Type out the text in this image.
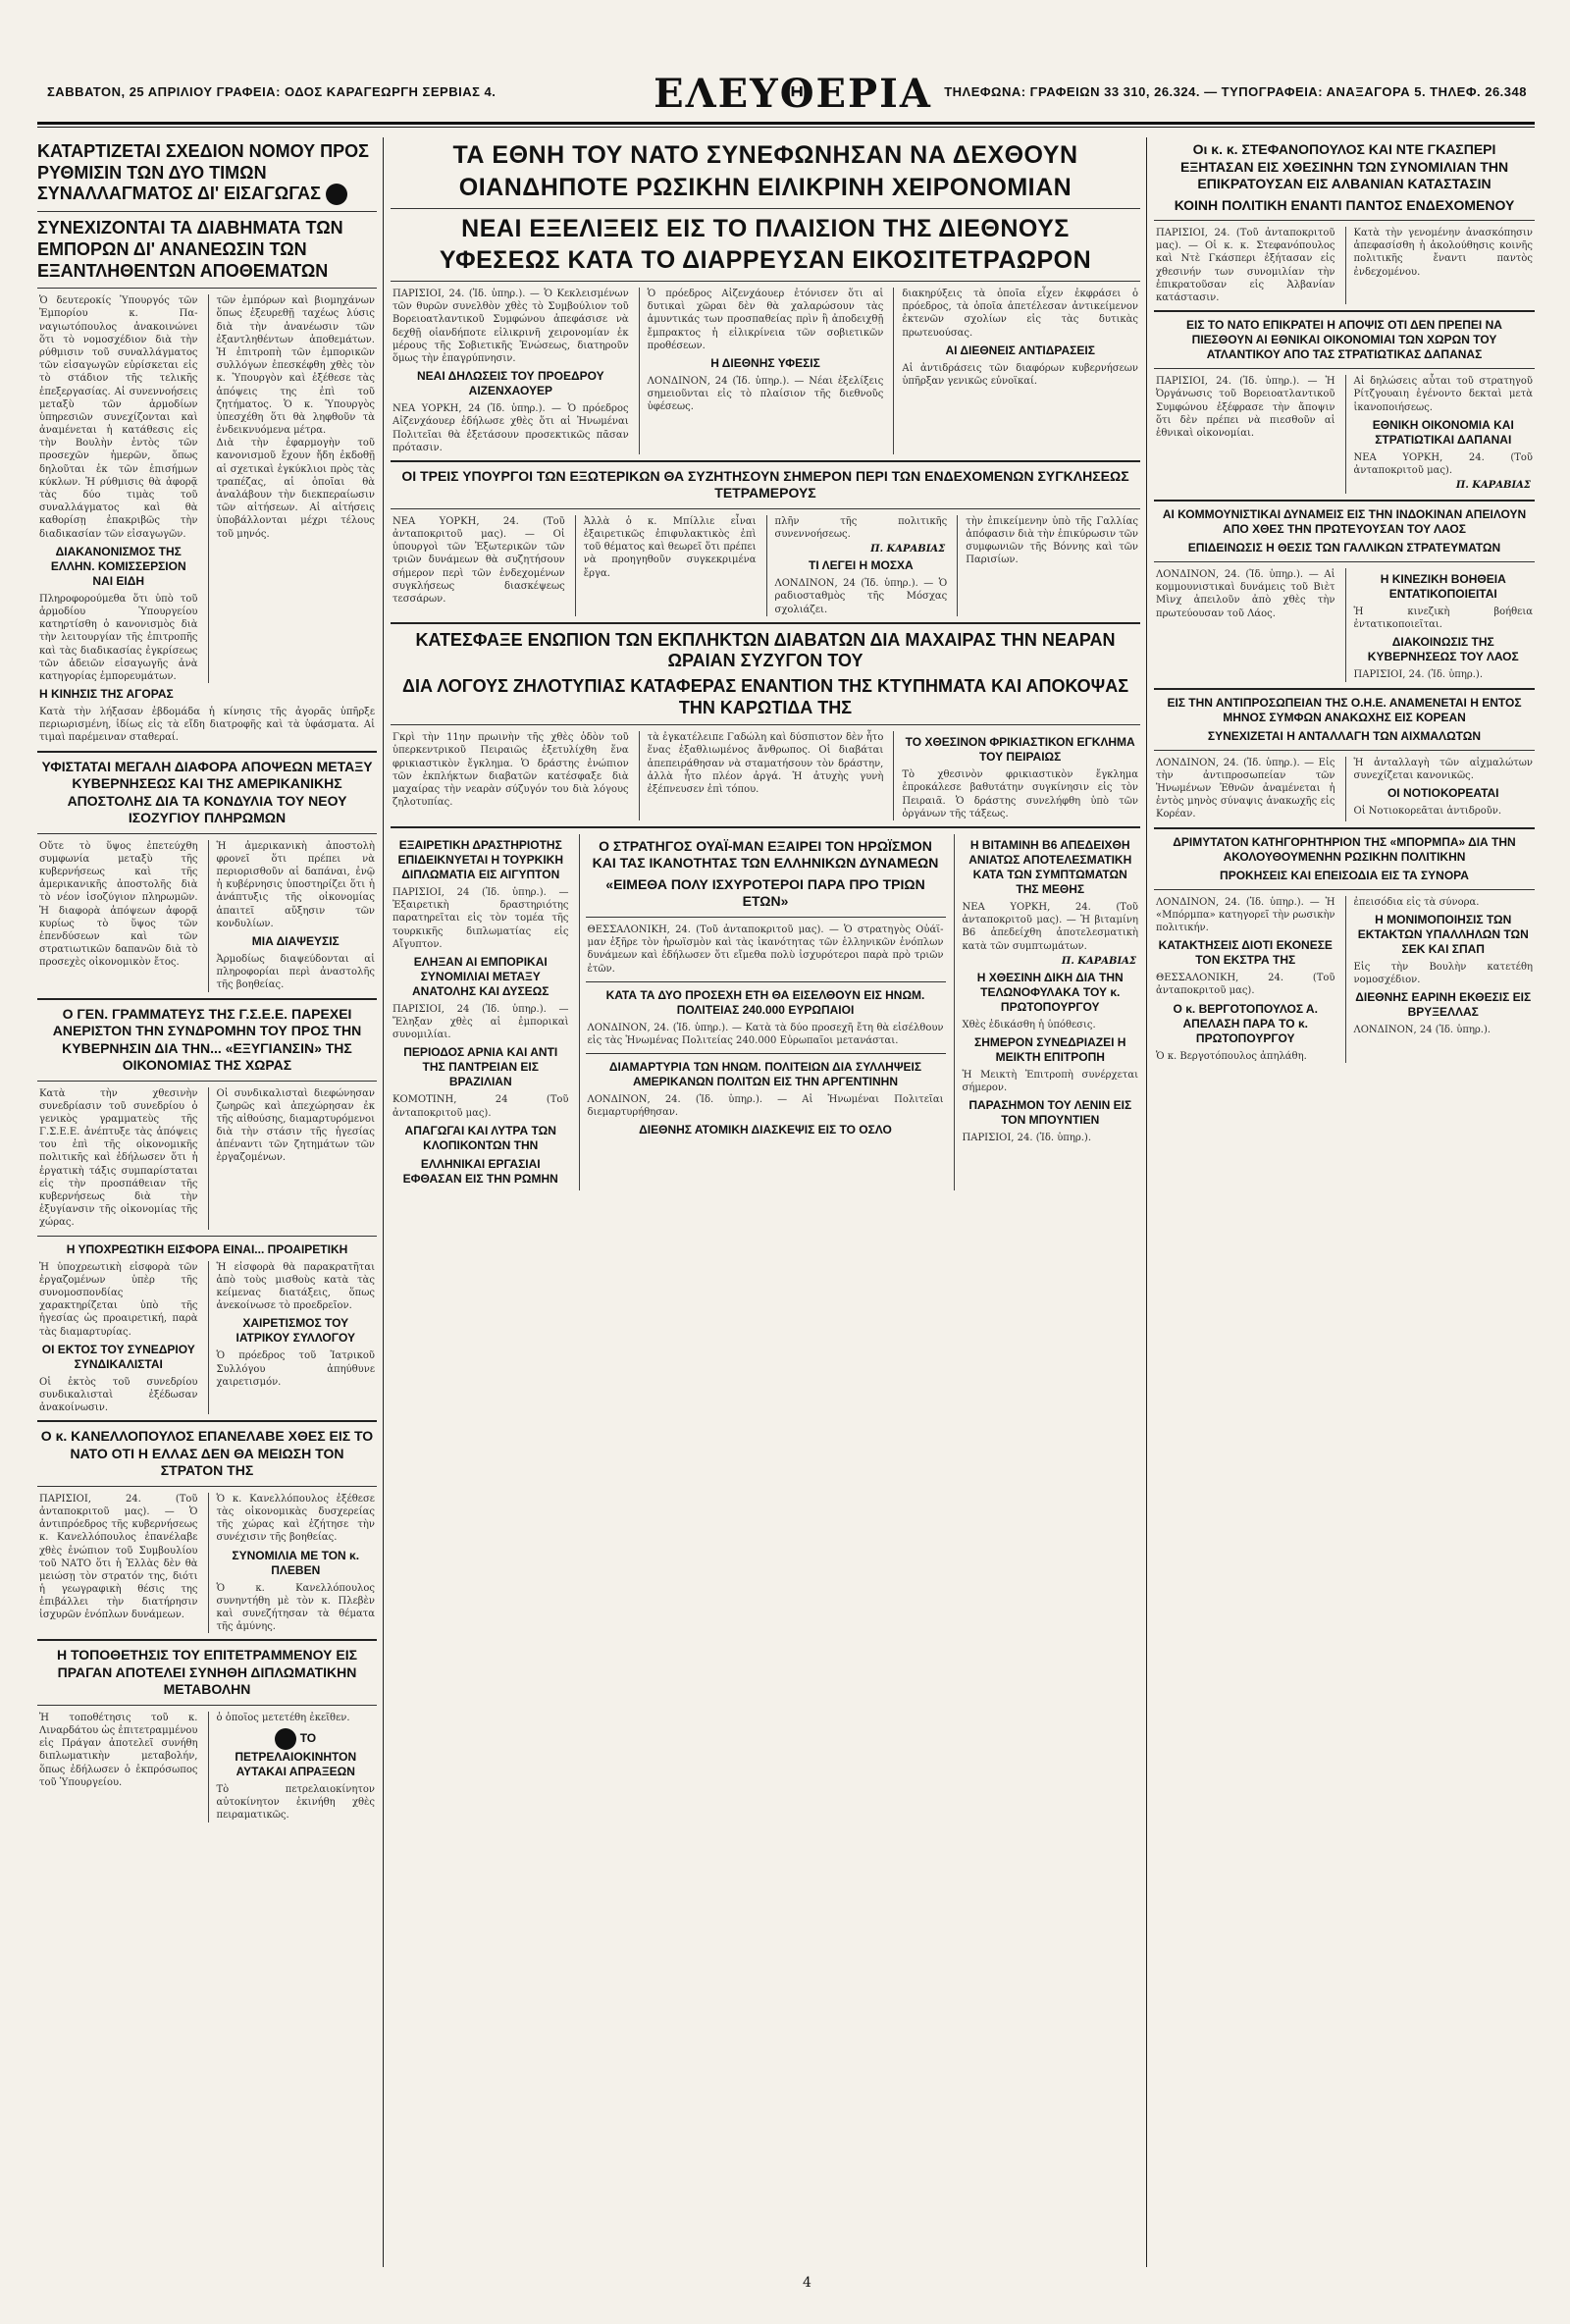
ΣΑΒΒΑΤΟΝ, 25 ΑΠΡΙΛΙΟΥ ΓΡΑΦΕΙΑ: ΟΔΟΣ ΚΑΡΑΓΕΩΡΓΗ ΣΕΡΒΙΑΣ 4.	ΕΛΕΥΘΕΡΙΑ ΤΗΛΕΦΩΝΑ: ΓΡΑΦΕΙΩΝ 33 310, 26.324. — ΤΥΠΟΓΡΑΦΕΙΑ: ΑΝΑΞΑΓΟΡΑ 5. ΤΗΛΕΦ. 26.348
ΚΑΤΑΡΤΙΖΕΤΑΙ ΣΧΕΔΙΟΝ ΝΟΜΟΥ ΠΡΟΣ ΡΥΘΜΙΣΙΝ ΤΩΝ ΔΥΟ ΤΙΜΩΝ ΣΥΝΑΛΛΑΓΜΑΤΟΣ ΔΙ' ΕΙΣΑΓΩΓΑΣ
ΣΥΝΕΧΙΖΟΝΤΑΙ ΤΑ ΔΙΑΒΗΜΑΤΑ ΤΩΝ ΕΜΠΟΡΩΝ ΔΙ' ΑΝΑΝΕΩΣΙΝ ΤΩΝ ΕΞΑΝΤΛΗΘΕΝΤΩΝ ΑΠΟΘΕΜΑΤΩΝ

Ὁ δευτεροκίς Ὑπουργός τῶν Ἐμπορίου κ. Πα-ναγιωτόπουλος ἀνακοινώνει ὅτι τὸ νομοσχέδιον διὰ τὴν ρύθμισιν τοῦ συναλλάγματος τῶν εἰσαγωγῶν εὑρίσκεται εἰς τὸ στάδιον τῆς τελικῆς ἐπεξεργασίας. Αἱ συνεννοήσεις μεταξὺ τῶν ἁρμοδίων ὑπηρεσιῶν συνεχίζονται καὶ ἀναμένεται ἡ κατάθεσις εἰς τὴν Βουλὴν ἐντὸς τῶν προσεχῶν ἡμερῶν, ὅπως δηλοῦται ἐκ τῶν ἐπισήμων κύκλων. Ἡ ρύθμισις θὰ ἀφορᾷ τὰς δύο τιμὰς τοῦ συναλλάγματος καὶ θὰ καθορίσῃ ἐπακριβῶς τὴν διαδικασίαν τῶν εἰσαγωγῶν.

ΔΙΑΚΑΝΟΝΙΣΜΟΣ ΤΗΣ ΕΛΛΗΝ. ΚΟΜΙΣΣΕΡΣΙΟΝ ΝΑΙ ΕΙΔΗ

Πληροφορούμεθα ὅτι ὑπὸ τοῦ ἁρμοδίου Ὑπουργείου κατηρτίσθη ὁ κανονισμὸς διὰ τὴν λειτουργίαν τῆς ἐπιτροπῆς καὶ τὰς διαδικασίας ἐγκρίσεως τῶν ἀδειῶν εἰσαγωγῆς ἀνὰ κατηγορίας ἐμπορευμάτων.

τῶν ἐμπόρων καὶ βιομηχάνων ὅπως ἐξευρεθῇ ταχέως λύσις διὰ τὴν ἀνανέωσιν τῶν ἐξαντληθέντων ἀποθεμάτων. Ἡ ἐπιτροπὴ τῶν ἐμπορικῶν συλλόγων ἐπεσκέφθη χθὲς τὸν κ. Ὑπουργὸν καὶ ἐξέθεσε τὰς ἀπόψεις της ἐπὶ τοῦ ζητήματος. Ὁ κ. Ὑπουργὸς ὑπεσχέθη ὅτι θὰ ληφθοῦν τὰ ἐνδεικνυόμενα μέτρα.

Διὰ τὴν ἐφαρμογὴν τοῦ κανονισμοῦ ἔχουν ἤδη ἐκδοθῇ αἱ σχετικαὶ ἐγκύκλιοι πρὸς τὰς τραπέζας, αἱ ὁποῖαι θὰ ἀναλάβουν τὴν διεκπεραίωσιν τῶν αἰτήσεων. Αἱ αἰτήσεις ὑποβάλλονται μέχρι τέλους τοῦ μηνός.

Η ΚΙΝΗΣΙΣ ΤΗΣ ΑΓΟΡΑΣ

Κατὰ τὴν λήξασαν ἑβδομάδα ἡ κίνησις τῆς ἀγορᾶς ὑπῆρξε περιωρισμένη, ἰδίως εἰς τὰ εἴδη διατροφῆς καὶ τὰ ὑφάσματα. Αἱ τιμαὶ παρέμειναν σταθεραί.

ΥΦΙΣΤΑΤΑΙ ΜΕΓΑΛΗ ΔΙΑΦΟΡΑ ΑΠΟΨΕΩΝ ΜΕΤΑΞΥ ΚΥΒΕΡΝΗΣΕΩΣ ΚΑΙ ΤΗΣ ΑΜΕΡΙΚΑΝΙΚΗΣ ΑΠΟΣΤΟΛΗΣ ΔΙΑ ΤΑ ΚΟΝΔΥΛΙΑ ΤΟΥ ΝΕΟΥ ΙΣΟΖΥΓΙΟΥ ΠΛΗΡΩΜΩΝ

Οὔτε τὸ ὕψος ἐπετεύχθη συμφωνία μεταξὺ τῆς κυβερνήσεως καὶ τῆς ἀμερικανικῆς ἀποστολῆς διὰ τὸ νέον ἰσοζύγιον πληρωμῶν. Ἡ διαφορὰ ἀπόψεων ἀφορᾷ κυρίως τὸ ὕψος τῶν ἐπενδύσεων καὶ τῶν στρατιωτικῶν δαπανῶν διὰ τὸ προσεχὲς οἰκονομικὸν ἔτος.

Ἡ ἀμερικανικὴ ἀποστολὴ φρονεῖ ὅτι πρέπει νὰ περιορισθοῦν αἱ δαπάναι, ἐνῷ ἡ κυβέρνησις ὑποστηρίζει ὅτι ἡ ἀνάπτυξις τῆς οἰκονομίας ἀπαιτεῖ αὔξησιν τῶν κονδυλίων.

ΜΙΑ ΔΙΑΨΕΥΣΙΣ

Ἁρμοδίως διαψεύδονται αἱ πληροφορίαι περὶ ἀναστολῆς τῆς βοηθείας.

Ο ΓΕΝ. ΓΡΑΜΜΑΤΕΥΣ ΤΗΣ Γ.Σ.Ε.Ε. ΠΑΡΕΧΕΙ ΑΝΕΡΙΣΤΟΝ ΤΗΝ ΣΥΝΔΡΟΜΗΝ ΤΟΥ ΠΡΟΣ ΤΗΝ ΚΥΒΕΡΝΗΣΙΝ ΔΙΑ ΤΗΝ... «ΕΞΥΓΙΑΝΣΙΝ» ΤΗΣ ΟΙΚΟΝΟΜΙΑΣ ΤΗΣ ΧΩΡΑΣ

Κατὰ τὴν χθεσινὴν συνεδρίασιν τοῦ συνεδρίου ὁ γενικὸς γραμματεὺς τῆς Γ.Σ.Ε.Ε. ἀνέπτυξε τὰς ἀπόψεις του ἐπὶ τῆς οἰκονομικῆς πολιτικῆς καὶ ἐδήλωσεν ὅτι ἡ ἐργατικὴ τάξις συμπαρίσταται εἰς τὴν προσπάθειαν τῆς κυβερνήσεως διὰ τὴν ἐξυγίανσιν τῆς οἰκονομίας τῆς χώρας.

Οἱ συνδικαλισταὶ διεφώνησαν ζωηρῶς καὶ ἀπεχώρησαν ἐκ τῆς αἰθούσης, διαμαρτυρόμενοι διὰ τὴν στάσιν τῆς ἡγεσίας ἀπέναντι τῶν ζητημάτων τῶν ἐργαζομένων.

Η ΥΠΟΧΡΕΩΤΙΚΗ ΕΙΣΦΟΡΑ ΕΙΝΑΙ... ΠΡΟΑΙΡΕΤΙΚΗ

Ἡ ὑποχρεωτικὴ εἰσφορὰ τῶν ἐργαζομένων ὑπὲρ τῆς συνομοσπονδίας χαρακτηρίζεται ὑπὸ τῆς ἡγεσίας ὡς προαιρετική, παρὰ τὰς διαμαρτυρίας.

ΟΙ ΕΚΤΟΣ ΤΟΥ ΣΥΝΕΔΡΙΟΥ ΣΥΝΔΙΚΑΛΙΣΤΑΙ

Οἱ ἐκτὸς τοῦ συνεδρίου συνδικαλισταὶ ἐξέδωσαν ἀνακοίνωσιν.

Ἡ εἰσφορὰ θὰ παρακρατῆται ἀπὸ τοὺς μισθοὺς κατὰ τὰς κείμενας διατάξεις, ὅπως ἀνεκοίνωσε τὸ προεδρεῖον.

ΧΑΙΡΕΤΙΣΜΟΣ ΤΟΥ ΙΑΤΡΙΚΟΥ ΣΥΛΛΟΓΟΥ

Ὁ πρόεδρος τοῦ Ἰατρικοῦ Συλλόγου ἀπηύθυνε χαιρετισμόν.

Ο κ. ΚΑΝΕΛΛΟΠΟΥΛΟΣ ΕΠΑΝΕΛΑΒΕ ΧΘΕΣ ΕΙΣ ΤΟ ΝΑΤΟ ΟΤΙ Η ΕΛΛΑΣ ΔΕΝ ΘΑ ΜΕΙΩΣΗ ΤΟΝ ΣΤΡΑΤΟΝ ΤΗΣ

ΠΑΡΙΣΙΟΙ, 24. (Τοῦ ἀνταποκριτοῦ μας). — Ὁ ἀντιπρόεδρος τῆς κυβερνήσεως κ. Κανελλόπουλος ἐπανέλαβε χθὲς ἐνώπιον τοῦ Συμβουλίου τοῦ ΝΑΤΟ ὅτι ἡ Ἑλλὰς δὲν θὰ μειώσῃ τὸν στρατόν της, διότι ἡ γεωγραφικὴ θέσις της ἐπιβάλλει τὴν διατήρησιν ἰσχυρῶν ἐνόπλων δυνάμεων.

Ὁ κ. Κανελλόπουλος ἐξέθεσε τὰς οἰκονομικὰς δυσχερείας τῆς χώρας καὶ ἐζήτησε τὴν συνέχισιν τῆς βοηθείας.

ΣΥΝΟΜΙΛΙΑ ΜΕ ΤΟΝ κ. ΠΛΕΒΕΝ

Ὁ κ. Κανελλόπουλος συνηντήθη μὲ τὸν κ. Πλεβὲν καὶ συνεζήτησαν τὰ θέματα τῆς ἀμύνης.

Η ΤΟΠΟΘΕΤΗΣΙΣ ΤΟΥ ΕΠΙΤΕΤΡΑΜΜΕΝΟΥ ΕΙΣ ΠΡΑΓΑΝ ΑΠΟΤΕΛΕΙ ΣΥΝΗΘΗ ΔΙΠΛΩΜΑΤΙΚΗΝ ΜΕΤΑΒΟΛΗΝ

Ἡ τοποθέτησις τοῦ κ. Λιναρδάτου ὡς ἐπιτετραμμένου εἰς Πράγαν ἀποτελεῖ συνήθη διπλωματικὴν μεταβολήν, ὅπως ἐδήλωσεν ὁ ἐκπρόσωπος τοῦ Ὑπουργείου.

ὁ ὁποῖος μετετέθη ἐκεῖθεν.

ΤΟ ΠΕΤΡΕΛΑΙΟΚΙΝΗΤΟΝ ΑΥΤΑΚΑΙ ΑΠΡΑΞΕΩΝ

Τὸ πετρελαιοκίνητον αὐτοκίνητον ἐκινήθη χθὲς πειραματικῶς.

ΤΑ ΕΘΝΗ ΤΟΥ ΝΑΤΟ ΣΥΝΕΦΩΝΗΣΑΝ ΝΑ ΔΕΧΘΟΥΝ
ΟΙΑΝΔΗΠΟΤΕ ΡΩΣΙΚΗΝ ΕΙΛΙΚΡΙΝΗ ΧΕΙΡΟΝΟΜΙΑΝ
ΝΕΑΙ ΕΞΕΛΙΞΕΙΣ ΕΙΣ ΤΟ ΠΛΑΙΣΙΟΝ ΤΗΣ ΔΙΕΘΝΟΥΣ
ΥΦΕΣΕΩΣ ΚΑΤΑ ΤΟ ΔΙΑΡΡΕΥΣΑΝ ΕΙΚΟΣΙΤΕΤΡΑΩΡΟΝ

ΠΑΡΙΣΙΟΙ, 24. (Ἰδ. ὑπηρ.). — Ὁ Κεκλεισμένων τῶν θυρῶν συνελθὸν χθὲς τὸ Συμβούλιον τοῦ Βορειοατλαντικοῦ Συμφώνου ἀπεφάσισε νὰ δεχθῇ οἱανδήποτε εἰλικρινῆ χειρονομίαν ἐκ μέρους τῆς Σοβιετικῆς Ἑνώσεως, διατηροῦν ὅμως τὴν ἐπαγρύπνησιν.

ΝΕΑΙ ΔΗΛΩΣΕΙΣ ΤΟΥ ΠΡΟΕΔΡΟΥ ΑΙΖΕΝΧΑΟΥΕΡ

ΝΕΑ ΥΟΡΚΗ, 24 (Ἰδ. ὑπηρ.). — Ὁ πρόεδρος Αἰζενχάουερ ἐδήλωσε χθὲς ὅτι αἱ Ἡνωμέναι Πολιτεῖαι θὰ ἐξετάσουν προσεκτικῶς πᾶσαν πρότασιν.

Ὁ πρόεδρος Αἰζενχάουερ ἐτόνισεν ὅτι αἱ δυτικαὶ χῶραι δὲν θὰ χαλαρώσουν τὰς ἀμυντικάς των προσπαθείας πρὶν ἢ ἀποδειχθῇ ἔμπρακτος ἡ εἰλικρίνεια τῶν σοβιετικῶν προθέσεων.

Η ΔΙΕΘΝΗΣ ΥΦΕΣΙΣ

ΛΟΝΔΙΝΟΝ, 24 (Ἰδ. ὑπηρ.). — Νέαι ἐξελίξεις σημειοῦνται εἰς τὸ πλαίσιον τῆς διεθνοῦς ὑφέσεως.

διακηρύξεις τὰ ὁποῖα εἶχεν ἐκφράσει ὁ πρόεδρος, τὰ ὁποῖα ἀπετέλεσαν ἀντικείμενον ἐκτενῶν σχολίων εἰς τὰς δυτικὰς πρωτευούσας.

ΑΙ ΔΙΕΘΝΕΙΣ ΑΝΤΙΔΡΑΣΕΙΣ

Αἱ ἀντιδράσεις τῶν διαφόρων κυβερνήσεων ὑπῆρξαν γενικῶς εὐνοϊκαί.

ΟΙ ΤΡΕΙΣ ΥΠΟΥΡΓΟΙ ΤΩΝ ΕΞΩΤΕΡΙΚΩΝ ΘΑ ΣΥΖΗΤΗΣΟΥΝ ΣΗΜΕΡΟΝ ΠΕΡΙ ΤΩΝ ΕΝΔΕΧΟΜΕΝΩΝ ΣΥΓΚΛΗΣΕΩΣ ΤΕΤΡΑΜΕΡΟΥΣ

ΝΕΑ ΥΟΡΚΗ, 24. (Τοῦ ἀνταποκριτοῦ μας). — Οἱ ὑπουργοὶ τῶν Ἐξωτερικῶν τῶν τριῶν δυνάμεων θὰ συζητήσουν σήμερον περὶ τῶν ἐνδεχομένων συγκλήσεως διασκέψεως τεσσάρων.

Ἀλλὰ ὁ κ. Μπίλλιε εἶναι ἐξαιρετικῶς ἐπιφυλακτικὸς ἐπὶ τοῦ θέματος καὶ θεωρεῖ ὅτι πρέπει νὰ προηγηθοῦν συγκεκριμένα ἔργα.

πλῆν τῆς πολιτικῆς συνεννοήσεως.

Π. ΚΑΡΑΒΙΑΣ
ΤΙ ΛΕΓΕΙ Η ΜΟΣΧΑ

ΛΟΝΔΙΝΟΝ, 24 (Ἰδ. ὑπηρ.). — Ὁ ραδιοσταθμὸς τῆς Μόσχας σχολιάζει.

τὴν ἐπικείμενην ὑπὸ τῆς Γαλλίας ἀπόφασιν διὰ τὴν ἐπικύρωσιν τῶν συμφωνιῶν τῆς Βόννης καὶ τῶν Παρισίων.

ΚΑΤΕΣΦΑΞΕ ΕΝΩΠΙΟΝ ΤΩΝ ΕΚΠΛΗΚΤΩΝ ΔΙΑΒΑΤΩΝ ΔΙΑ ΜΑΧΑΙΡΑΣ ΤΗΝ ΝΕΑΡΑΝ ΩΡΑΙΑΝ ΣΥΖΥΓΟΝ ΤΟΥ
ΔΙΑ ΛΟΓΟΥΣ ΖΗΛΟΤΥΠΙΑΣ ΚΑΤΑΦΕΡΑΣ ΕΝΑΝΤΙΟΝ ΤΗΣ ΚΤΥΠΗΜΑΤΑ ΚΑΙ ΑΠΟΚΟΨΑΣ ΤΗΝ ΚΑΡΩΤΙΔΑ ΤΗΣ

Γκρὶ τὴν 11ην πρωινὴν τῆς χθὲς ὁδὸν τοῦ ὑπερκεντρικοῦ Πειραιῶς ἐξετυλίχθη ἕνα φρικιαστικὸν ἔγκλημα. Ὁ δράστης ἐνώπιον τῶν ἐκπλήκτων διαβατῶν κατέσφαξε διὰ μαχαίρας τὴν νεαρὰν σύζυγόν του διὰ λόγους ζηλοτυπίας.

τὰ ἐγκατέλειπε Γαδώλη καὶ δύσπιστον δὲν ἦτο ἕνας ἐξαθλιωμένος ἄνθρωπος. Οἱ διαβάται ἀπεπειράθησαν νὰ σταματήσουν τὸν δράστην, ἀλλὰ ἦτο πλέον ἀργά. Ἡ ἀτυχὴς γυνὴ ἐξέπνευσεν ἐπὶ τόπου.

ΤΟ ΧΘΕΣΙΝΟΝ ΦΡΙΚΙΑΣΤΙΚΟΝ ΕΓΚΛΗΜΑ ΤΟΥ ΠΕΙΡΑΙΩΣ

Τὸ χθεσινὸν φρικιαστικὸν ἔγκλημα ἐπροκάλεσε βαθυτάτην συγκίνησιν εἰς τὸν Πειραιᾶ. Ὁ δράστης συνελήφθη ὑπὸ τῶν ὀργάνων τῆς τάξεως.

ΕΞΑΙΡΕΤΙΚΗ ΔΡΑΣΤΗΡΙΟΤΗΣ ΕΠΙΔΕΙΚΝΥΕΤΑΙ Η ΤΟΥΡΚΙΚΗ ΔΙΠΛΩΜΑΤΙΑ ΕΙΣ ΑΙΓΥΠΤΟΝ

ΠΑΡΙΣΙΟΙ, 24 (Ἰδ. ὑπηρ.). — Ἐξαιρετικὴ δραστηριότης παρατηρεῖται εἰς τὸν τομέα τῆς τουρκικῆς διπλωματίας εἰς Αἴγυπτον.

ΕΛΗΞΑΝ ΑΙ ΕΜΠΟΡΙΚΑΙ ΣΥΝΟΜΙΛΙΑΙ ΜΕΤΑΞΥ ΑΝΑΤΟΛΗΣ ΚΑΙ ΔΥΣΕΩΣ

ΠΑΡΙΣΙΟΙ, 24 (Ἰδ. ὑπηρ.). — Ἔληξαν χθὲς αἱ ἐμπορικαὶ συνομιλίαι.

ΠΕΡΙΟΔΟΣ ΑΡΝΙΑ ΚΑΙ ΑΝΤΙ ΤΗΣ ΠΑΝΤΡΕΙΑΝ ΕΙΣ ΒΡΑΖΙΛΙΑΝ

ΚΟΜΟΤΙΝΗ, 24 (Τοῦ ἀνταποκριτοῦ μας).

ΑΠΑΓΩΓΑΙ ΚΑΙ ΛΥΤΡΑ ΤΩΝ ΚΛΟΠΙΚΟΝΤΩΝ ΤΗΝ
ΕΛΛΗΝΙΚΑΙ ΕΡΓΑΣΙΑΙ ΕΦΘΑΣΑΝ ΕΙΣ ΤΗΝ ΡΩΜΗΝ
Ο ΣΤΡΑΤΗΓΟΣ ΟΥΑΪ-ΜΑΝ ΕΞΑΙΡΕΙ ΤΟΝ ΗΡΩΪΣΜΟΝ ΚΑΙ ΤΑΣ ΙΚΑΝΟΤΗΤΑΣ ΤΩΝ ΕΛΛΗΝΙΚΩΝ ΔΥΝΑΜΕΩΝ
«ΕΙΜΕΘΑ ΠΟΛΥ ΙΣΧΥΡΟΤΕΡΟΙ ΠΑΡΑ ΠΡΟ ΤΡΙΩΝ ΕΤΩΝ»

ΘΕΣΣΑΛΟΝΙΚΗ, 24. (Τοῦ ἀνταποκριτοῦ μας). — Ὁ στρατηγὸς Οὐάϊ-μαν ἐξῆρε τὸν ἡρωϊσμὸν καὶ τὰς ἱκανότητας τῶν ἑλληνικῶν ἐνόπλων δυνάμεων καὶ ἐδήλωσεν ὅτι εἴμεθα πολὺ ἰσχυρότεροι παρὰ πρὸ τριῶν ἐτῶν.

ΚΑΤΑ ΤΑ ΔΥΟ ΠΡΟΣΕΧΗ ΕΤΗ ΘΑ ΕΙΣΕΛΘΟΥΝ ΕΙΣ ΗΝΩΜ. ΠΟΛΙΤΕΙΑΣ 240.000 ΕΥΡΩΠΑΙΟΙ

ΛΟΝΔΙΝΟΝ, 24. (Ἰδ. ὑπηρ.). — Κατὰ τὰ δύο προσεχῆ ἔτη θὰ εἰσέλθουν εἰς τὰς Ἡνωμένας Πολιτείας 240.000 Εὐρωπαῖοι μετανάσται.

ΔΙΑΜΑΡΤΥΡΙΑ ΤΩΝ ΗΝΩΜ. ΠΟΛΙΤΕΙΩΝ ΔΙΑ ΣΥΛΛΗΨΕΙΣ ΑΜΕΡΙΚΑΝΩΝ ΠΟΛΙΤΩΝ ΕΙΣ ΤΗΝ ΑΡΓΕΝΤΙΝΗΝ

ΛΟΝΔΙΝΟΝ, 24. (Ἰδ. ὑπηρ.). — Αἱ Ἡνωμέναι Πολιτεῖαι διεμαρτυρήθησαν.

ΔΙΕΘΝΗΣ ΑΤΟΜΙΚΗ ΔΙΑΣΚΕΨΙΣ ΕΙΣ ΤΟ ΟΣΛΟ
Η ΒΙΤΑΜΙΝΗ Β6 ΑΠΕΔΕΙΧΘΗ ΑΝΙΑΤΩΣ ΑΠΟΤΕΛΕΣΜΑΤΙΚΗ ΚΑΤΑ ΤΩΝ ΣΥΜΠΤΩΜΑΤΩΝ ΤΗΣ ΜΕΘΗΣ

ΝΕΑ ΥΟΡΚΗ, 24. (Τοῦ ἀνταποκριτοῦ μας). — Ἡ βιταμίνη Β6 ἀπεδείχθη ἀποτελεσματικὴ κατὰ τῶν συμπτωμάτων.

Π. ΚΑΡΑΒΙΑΣ
Η ΧΘΕΣΙΝΗ ΔΙΚΗ ΔΙΑ ΤΗΝ ΤΕΛΩΝΟΦΥΛΑΚΑ ΤΟΥ κ. ΠΡΩΤΟΠΟΥΡΓΟΥ

Χθὲς ἐδικάσθη ἡ ὑπόθεσις.

ΣΗΜΕΡΟΝ ΣΥΝΕΔΡΙΑΖΕΙ Η ΜΕΙΚΤΗ ΕΠΙΤΡΟΠΗ

Ἡ Μεικτὴ Ἐπιτροπὴ συνέρχεται σήμερον.

ΠΑΡΑΣΗΜΟΝ ΤΟΥ ΛΕΝΙΝ ΕΙΣ ΤΟΝ ΜΠΟΥΝΤΙΕΝ

ΠΑΡΙΣΙΟΙ, 24. (Ἰδ. ὑπηρ.).

Οι κ. κ. ΣΤΕΦΑΝΟΠΟΥΛΟΣ ΚΑΙ ΝΤΕ ΓΚΑΣΠΕΡΙ ΕΞΗΤΑΣΑΝ ΕΙΣ ΧΘΕΣΙΝΗΝ ΤΩΝ ΣΥΝΟΜΙΛΙΑΝ ΤΗΝ ΕΠΙΚΡΑΤΟΥΣΑΝ ΕΙΣ ΑΛΒΑΝΙΑΝ ΚΑΤΑΣΤΑΣΙΝ
ΚΟΙΝΗ ΠΟΛΙΤΙΚΗ ΕΝΑΝΤΙ ΠΑΝΤΟΣ ΕΝΔΕΧΟΜΕΝΟΥ

ΠΑΡΙΣΙΟΙ, 24. (Τοῦ ἀνταποκριτοῦ μας). — Οἱ κ. κ. Στεφανόπουλος καὶ Ντὲ Γκάσπερι ἐξήτασαν εἰς χθεσινήν των συνομιλίαν τὴν ἐπικρατοῦσαν εἰς Ἀλβανίαν κατάστασιν.

Κατὰ τὴν γενομένην ἀνασκόπησιν ἀπεφασίσθη ἡ ἀκολούθησις κοινῆς πολιτικῆς ἔναντι παντὸς ἐνδεχομένου.

ΕΙΣ ΤΟ ΝΑΤΟ ΕΠΙΚΡΑΤΕΙ Η ΑΠΟΨΙΣ ΟΤΙ ΔΕΝ ΠΡΕΠΕΙ ΝΑ ΠΙΕΣΘΟΥΝ ΑΙ ΕΘΝΙΚΑΙ ΟΙΚΟΝΟΜΙΑΙ ΤΩΝ ΧΩΡΩΝ ΤΟΥ ΑΤΛΑΝΤΙΚΟΥ ΑΠΟ ΤΑΣ ΣΤΡΑΤΙΩΤΙΚΑΣ ΔΑΠΑΝΑΣ

ΠΑΡΙΣΙΟΙ, 24. (Ἰδ. ὑπηρ.). — Ἡ Ὀργάνωσις τοῦ Βορειοατλαντικοῦ Συμφώνου ἐξέφρασε τὴν ἄποψιν ὅτι δὲν πρέπει νὰ πιεσθοῦν αἱ ἐθνικαὶ οἰκονομίαι.

Αἱ δηλώσεις αὗται τοῦ στρατηγοῦ Ρίτζγουαιη ἐγένοντο δεκταὶ μετὰ ἱκανοποιήσεως.

ΕΘΝΙΚΗ ΟΙΚΟΝΟΜΙΑ ΚΑΙ ΣΤΡΑΤΙΩΤΙΚΑΙ ΔΑΠΑΝΑΙ

ΝΕΑ ΥΟΡΚΗ, 24. (Τοῦ ἀνταποκριτοῦ μας).

Π. ΚΑΡΑΒΙΑΣ
ΑΙ ΚΟΜΜΟΥΝΙΣΤΙΚΑΙ ΔΥΝΑΜΕΙΣ ΕΙΣ ΤΗΝ ΙΝΔΟΚΙΝΑΝ ΑΠΕΙΛΟΥΝ ΑΠΟ ΧΘΕΣ ΤΗΝ ΠΡΩΤΕΥΟΥΣΑΝ ΤΟΥ ΛΑΟΣ
ΕΠΙΔΕΙΝΩΣΙΣ Η ΘΕΣΙΣ ΤΩΝ ΓΑΛΛΙΚΩΝ ΣΤΡΑΤΕΥΜΑΤΩΝ

ΛΟΝΔΙΝΟΝ, 24. (Ἰδ. ὑπηρ.). — Αἱ κομμουνιστικαὶ δυνάμεις τοῦ Βιὲτ Μὶνχ ἀπειλοῦν ἀπὸ χθὲς τὴν πρωτεύουσαν τοῦ Λάος.

Η ΚΙΝΕΖΙΚΗ ΒΟΗΘΕΙΑ ΕΝΤΑΤΙΚΟΠΟΙΕΙΤΑΙ

Ἡ κινεζικὴ βοήθεια ἐντατικοποιεῖται.

ΔΙΑΚΟΙΝΩΣΙΣ ΤΗΣ ΚΥΒΕΡΝΗΣΕΩΣ ΤΟΥ ΛΑΟΣ

ΠΑΡΙΣΙΟΙ, 24. (Ἰδ. ὑπηρ.).

ΕΙΣ ΤΗΝ ΑΝΤΙΠΡΟΣΩΠΕΙΑΝ ΤΗΣ Ο.Η.Ε. ΑΝΑΜΕΝΕΤΑΙ Η ΕΝΤΟΣ ΜΗΝΟΣ ΣΥΜΦΩΝ ΑΝΑΚΩΧΗΣ ΕΙΣ ΚΟΡΕΑΝ
ΣΥΝΕΧΙΖΕΤΑΙ Η ΑΝΤΑΛΛΑΓΗ ΤΩΝ ΑΙΧΜΑΛΩΤΩΝ

ΛΟΝΔΙΝΟΝ, 24. (Ἰδ. ὑπηρ.). — Εἰς τὴν ἀντιπροσωπείαν τῶν Ἡνωμένων Ἐθνῶν ἀναμένεται ἡ ἐντὸς μηνὸς σύναψις ἀνακωχῆς εἰς Κορέαν.

Ἡ ἀνταλλαγὴ τῶν αἰχμαλώτων συνεχίζεται κανονικῶς.

ΟΙ ΝΟΤΙΟΚΟΡΕΑΤΑΙ

Οἱ Νοτιοκορεᾶται ἀντιδροῦν.

ΔΡΙΜΥΤΑΤΟΝ ΚΑΤΗΓΟΡΗΤΗΡΙΟΝ ΤΗΣ «ΜΠΟΡΜΠΑ» ΔΙΑ ΤΗΝ ΑΚΟΛΟΥΘΟΥΜΕΝΗΝ ΡΩΣΙΚΗΝ ΠΟΛΙΤΙΚΗΝ
ΠΡΟΚΗΣΕΙΣ ΚΑΙ ΕΠΕΙΣΟΔΙΑ ΕΙΣ ΤΑ ΣΥΝΟΡΑ

ΛΟΝΔΙΝΟΝ, 24. (Ἰδ. ὑπηρ.). — Ἡ «Μπόρμπα» κατηγορεῖ τὴν ρωσικὴν πολιτικήν.

ΚΑΤΑΚΤΗΣΕΙΣ ΔΙΟΤΙ ΕΚΟΝΕΣΕ ΤΟΝ ΕΚΣΤΡΑ ΤΗΣ

ΘΕΣΣΑΛΟΝΙΚΗ, 24. (Τοῦ ἀνταποκριτοῦ μας).

Ο κ. ΒΕΡΓΟΤΟΠΟΥΛΟΣ Α. ΑΠΕΛΑΣΗ ΠΑΡΑ ΤΟ κ. ΠΡΩΤΟΠΟΥΡΓΟΥ

Ὁ κ. Βεργοτόπουλος ἀπηλάθη.

ἐπεισόδια εἰς τὰ σύνορα.

Η ΜΟΝΙΜΟΠΟΙΗΣΙΣ ΤΩΝ ΕΚΤΑΚΤΩΝ ΥΠΑΛΛΗΛΩΝ ΤΩΝ ΣΕΚ ΚΑΙ ΣΠΑΠ

Εἰς τὴν Βουλὴν κατετέθη νομοσχέδιον.

ΔΙΕΘΝΗΣ ΕΑΡΙΝΗ ΕΚΘΕΣΙΣ ΕΙΣ ΒΡΥΞΕΛΛΑΣ

ΛΟΝΔΙΝΟΝ, 24 (Ἰδ. ὑπηρ.).

4
